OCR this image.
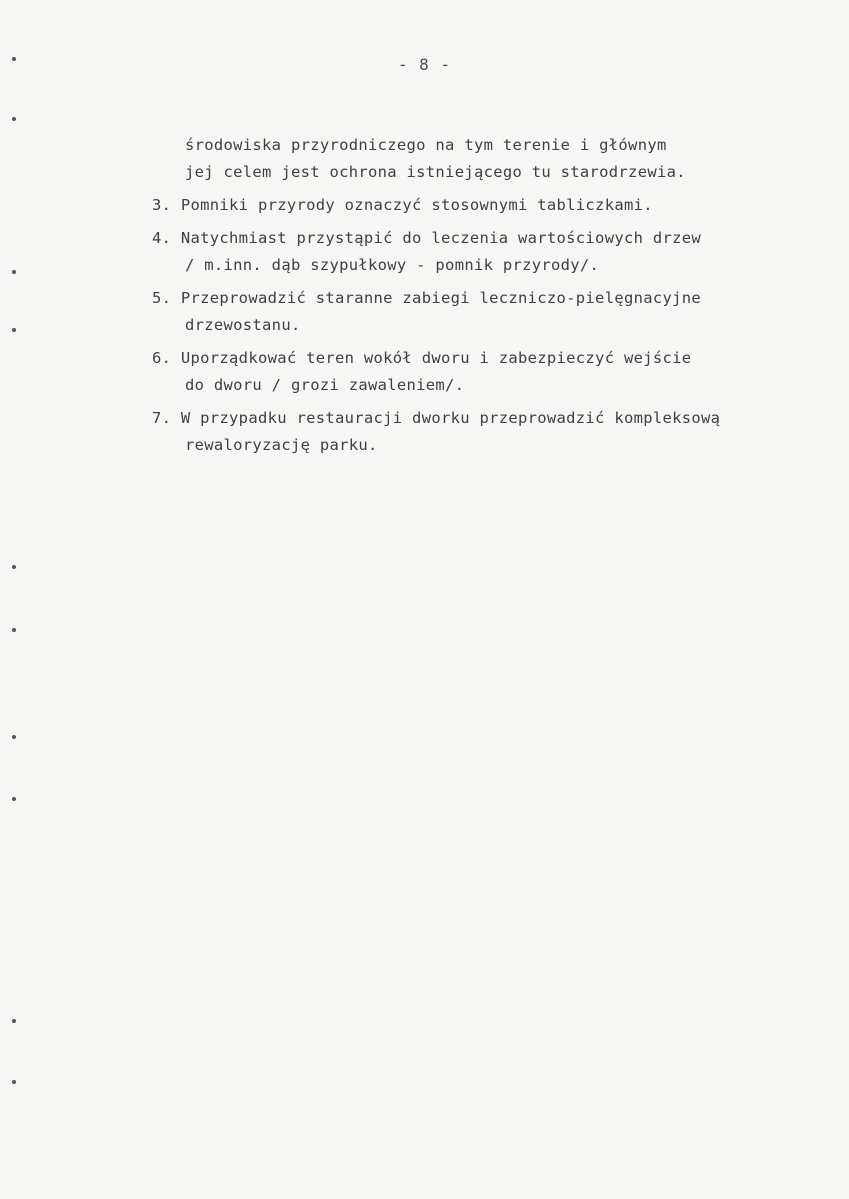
- 8 -
środowiska przyrodniczego na tym terenie i głównym
jej celem jest ochrona istniejącego tu starodrzewia.
3. Pomniki przyrody oznaczyć stosownymi tabliczkami.
4. Natychmiast przystąpić do leczenia wartościowych drzew
/ m.inn. dąb szypułkowy - pomnik przyrody/.
5. Przeprowadzić staranne zabiegi leczniczo-pielęgnacyjne
drzewostanu.
6. Uporządkować teren wokół dworu i zabezpieczyć wejście
do dworu / grozi zawaleniem/.
7. W przypadku restauracji dworku przeprowadzić kompleksową
rewaloryzację parku.
